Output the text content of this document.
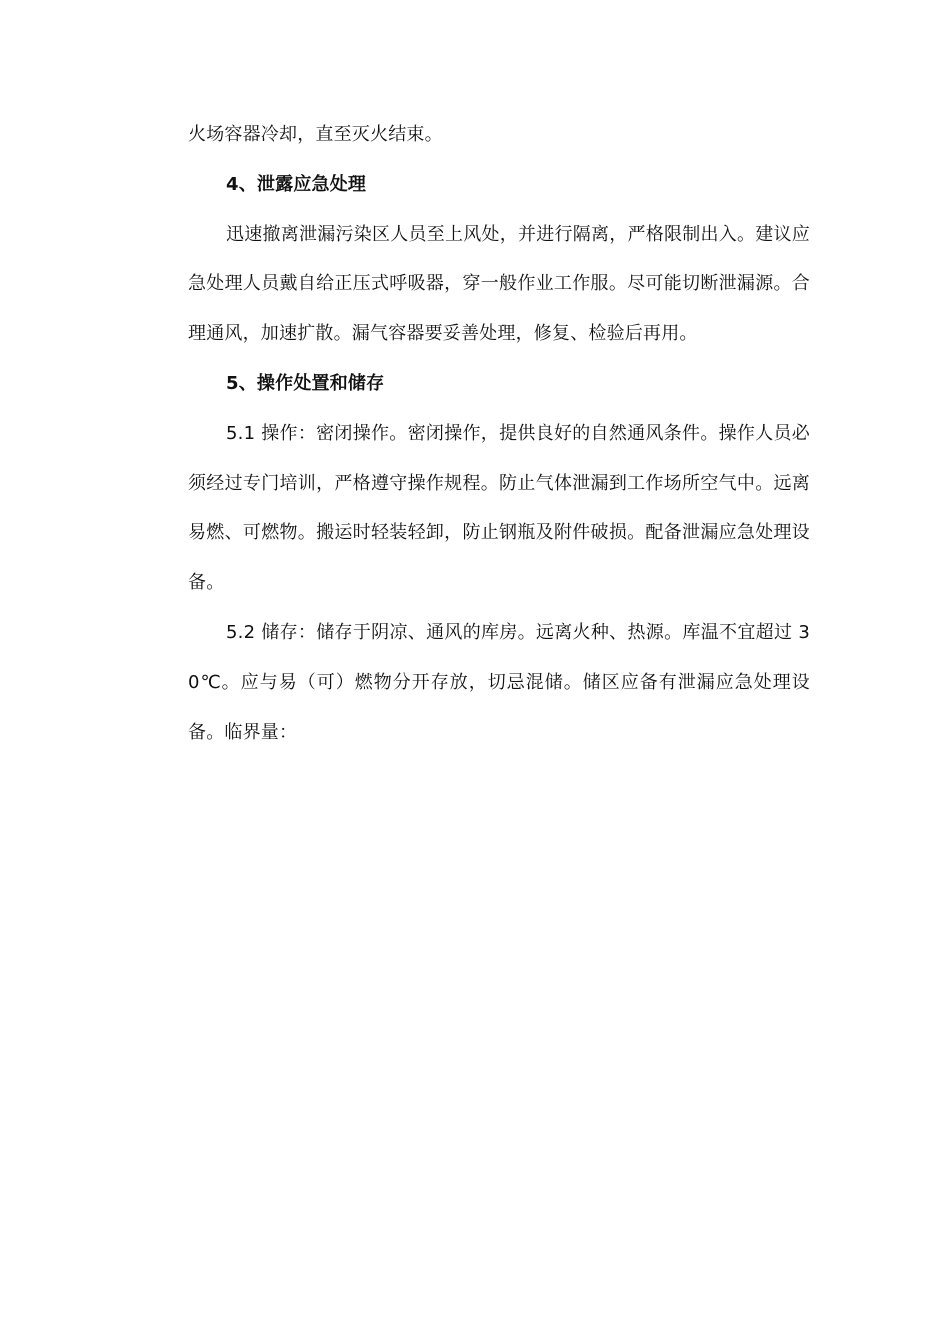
火场容器冷却，直至灭火结束。

4、泄露应急处理

迅速撤离泄漏污染区人员至上风处，并进行隔离，严格限制出入。建议应急处理人员戴自给正压式呼吸器，穿一般作业工作服。尽可能切断泄漏源。合理通风，加速扩散。漏气容器要妥善处理，修复、检验后再用。

5、操作处置和储存

5.1 操作：密闭操作。密闭操作，提供良好的自然通风条件。操作人员必须经过专门培训，严格遵守操作规程。防止气体泄漏到工作场所空气中。远离易燃、可燃物。搬运时轻装轻卸，防止钢瓶及附件破损。配备泄漏应急处理设备。

5.2 储存：储存于阴凉、通风的库房。远离火种、热源。库温不宜超过 30℃。应与易（可）燃物分开存放，切忌混储。储区应备有泄漏应急处理设备。临界量：
